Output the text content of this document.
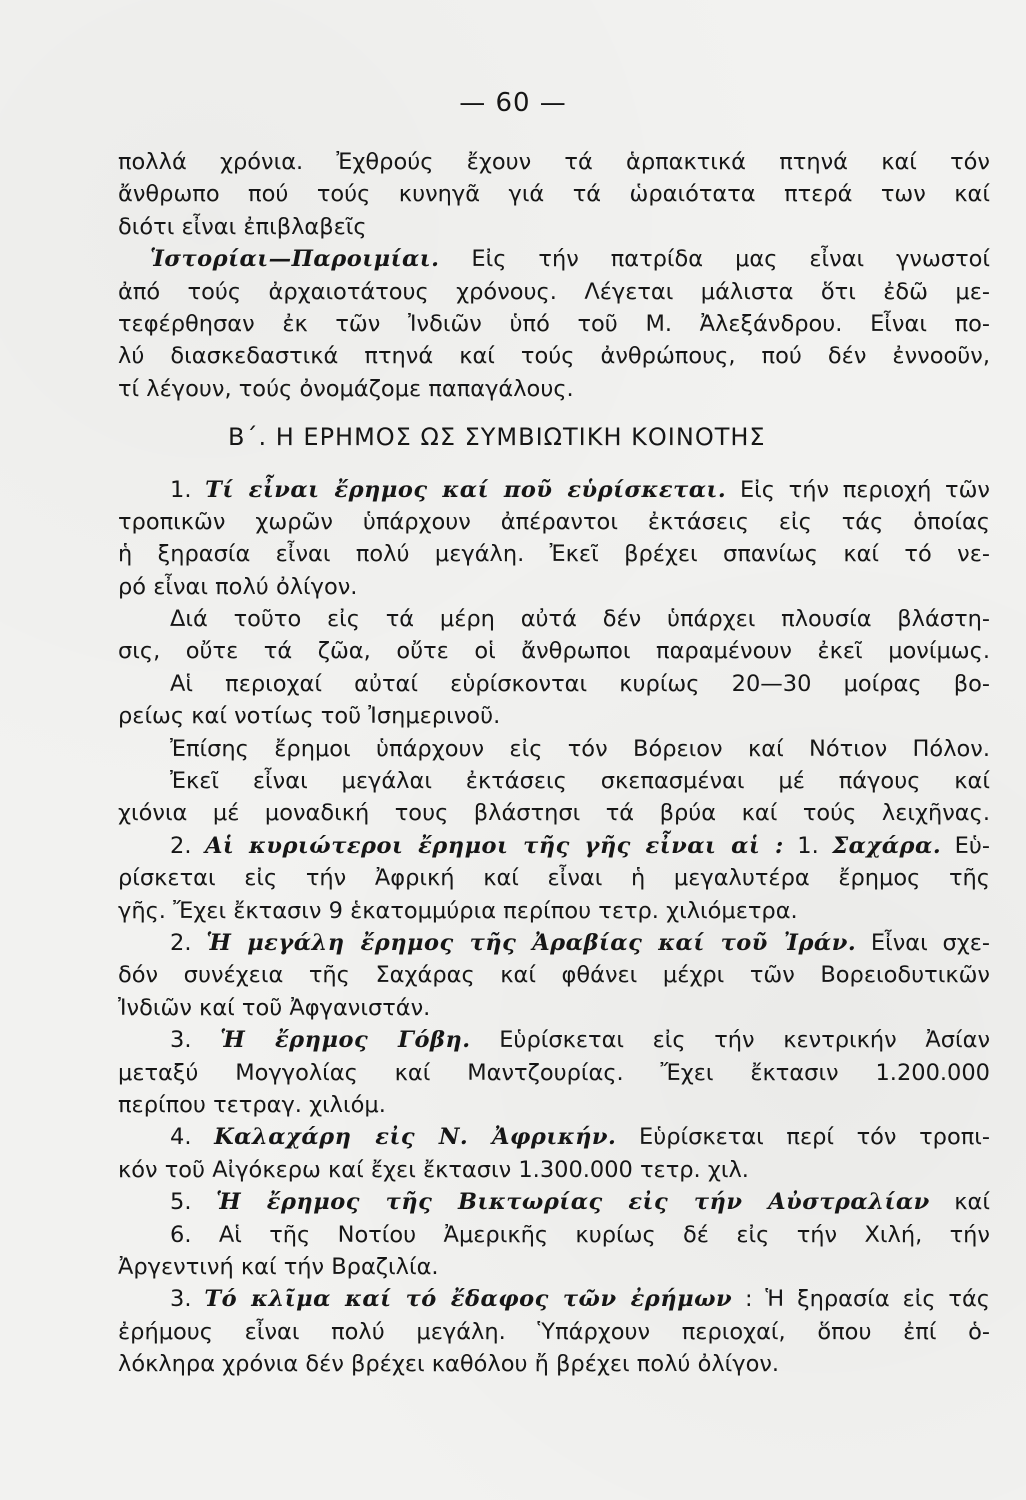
— 60 —
πολλά χρόνια. Ἐχθρούς ἔχουν τά ἁρπακτικά πτηνά καί τόν
ἄνθρωπο πού τούς κυνηγᾶ γιά τά ὡραιότατα πτερά των καί
διότι εἶναι ἐπιβλαβεῖς
Ἱστορίαι—Παροιμίαι. Εἰς τήν πατρίδα μας εἶναι γνωστοί
ἀπό τούς ἀρχαιοτάτους χρόνους. Λέγεται μάλιστα ὅτι ἐδῶ με-
τεφέρθησαν ἐκ τῶν Ἰνδιῶν ὑπό τοῦ Μ. Ἀλεξάνδρου. Εἶναι πο-
λύ διασκεδαστικά πτηνά καί τούς ἀνθρώπους, πού δέν ἐννοοῦν,
τί λέγουν, τούς ὀνομάζομε παπαγάλους.
Β΄. Η ΕΡΗΜΟΣ ΩΣ ΣΥΜΒΙΩΤΙΚΗ ΚΟΙΝΟΤΗΣ
1. Τί εἶναι ἔρημος καί ποῦ εὑρίσκεται. Εἰς τήν περιοχή τῶν
τροπικῶν χωρῶν ὑπάρχουν ἀπέραντοι ἐκτάσεις εἰς τάς ὁποίας
ἡ ξηρασία εἶναι πολύ μεγάλη. Ἐκεῖ βρέχει σπανίως καί τό νε-
ρό εἶναι πολύ ὀλίγον.
Διά τοῦτο εἰς τά μέρη αὐτά δέν ὑπάρχει πλουσία βλάστη-
σις, οὔτε τά ζῶα, οὔτε οἱ ἄνθρωποι παραμένουν ἐκεῖ μονίμως.
Αἱ περιοχαί αὐταί εὑρίσκονται κυρίως 20—30 μοίρας βο-
ρείως καί νοτίως τοῦ Ἰσημερινοῦ.
Ἐπίσης ἔρημοι ὑπάρχουν εἰς τόν Βόρειον καί Νότιον Πόλον.
Ἐκεῖ εἶναι μεγάλαι ἐκτάσεις σκεπασμέναι μέ πάγους καί
χιόνια μέ μοναδική τους βλάστησι τά βρύα καί τούς λειχῆνας.
2. Αἱ κυριώτεροι ἔρημοι τῆς γῆς εἶναι αἱ : 1. Σαχάρα. Εὑ-
ρίσκεται εἰς τήν Ἀφρική καί εἶναι ἡ μεγαλυτέρα ἔρημος τῆς
γῆς. Ἔχει ἔκτασιν 9 ἑκατομμύρια περίπου τετρ. χιλιόμετρα.
2. Ἡ μεγάλη ἔρημος τῆς Ἀραβίας καί τοῦ Ἰράν. Εἶναι σχε-
δόν συνέχεια τῆς Σαχάρας καί φθάνει μέχρι τῶν Βορειοδυτικῶν
Ἰνδιῶν καί τοῦ Ἀφγανιστάν.
3. Ἡ ἔρημος Γόβη. Εὑρίσκεται εἰς τήν κεντρικήν Ἀσίαν
μεταξύ Μογγολίας καί Μαντζουρίας. Ἔχει ἔκτασιν 1.200.000
περίπου τετραγ. χιλιόμ.
4. Καλαχάρη εἰς Ν. Ἀφρικήν. Εὑρίσκεται περί τόν τροπι-
κόν τοῦ Αἰγόκερω καί ἔχει ἔκτασιν 1.300.000 τετρ. χιλ.
5. Ἡ ἔρημος τῆς Βικτωρίας εἰς τήν Αὐστραλίαν καί
6. Αἱ τῆς Νοτίου Ἀμερικῆς κυρίως δέ εἰς τήν Χιλή, τήν
Ἀργεντινή καί τήν Βραζιλία.
3. Τό κλῖμα καί τό ἔδαφος τῶν ἐρήμων : Ἡ ξηρασία εἰς τάς
ἐρήμους εἶναι πολύ μεγάλη. Ὑπάρχουν περιοχαί, ὅπου ἐπί ὁ-
λόκληρα χρόνια δέν βρέχει καθόλου ἤ βρέχει πολύ ὀλίγον.
